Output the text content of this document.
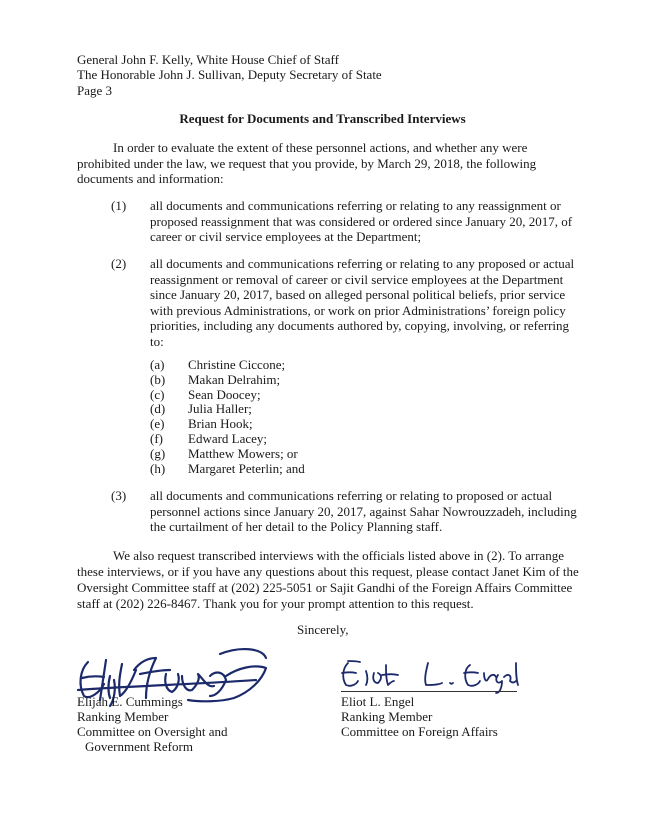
General John F. Kelly, White House Chief of Staff
The Honorable John J. Sullivan, Deputy Secretary of State
Page 3
Request for Documents and Transcribed Interviews
In order to evaluate the extent of these personnel actions, and whether any were
prohibited under the law, we request that you provide, by March 29, 2018, the following
documents and information:
(1) all documents and communications referring or relating to any reassignment or
proposed reassignment that was considered or ordered since January 20, 2017, of
career or civil service employees at the Department;
(2) all documents and communications referring or relating to any proposed or actual
reassignment or removal of career or civil service employees at the Department
since January 20, 2017, based on alleged personal political beliefs, prior service
with previous Administrations, or work on prior Administrations’ foreign policy
priorities, including any documents authored by, copying, involving, or referring
to:
(a) Christine Ciccone;
(b) Makan Delrahim;
(c) Sean Doocey;
(d) Julia Haller;
(e) Brian Hook;
(f) Edward Lacey;
(g) Matthew Mowers; or
(h) Margaret Peterlin; and
(3) all documents and communications referring or relating to proposed or actual
personnel actions since January 20, 2017, against Sahar Nowrouzzadeh, including
the curtailment of her detail to the Policy Planning staff.
We also request transcribed interviews with the officials listed above in (2). To arrange
these interviews, or if you have any questions about this request, please contact Janet Kim of the
Oversight Committee staff at (202) 225-5051 or Sajit Gandhi of the Foreign Affairs Committee
staff at (202) 226-8467. Thank you for your prompt attention to this request.
Sincerely,
Elijah E. Cummings
Ranking Member
Committee on Oversight and
Government Reform
Eliot L. Engel
Ranking Member
Committee on Foreign Affairs
